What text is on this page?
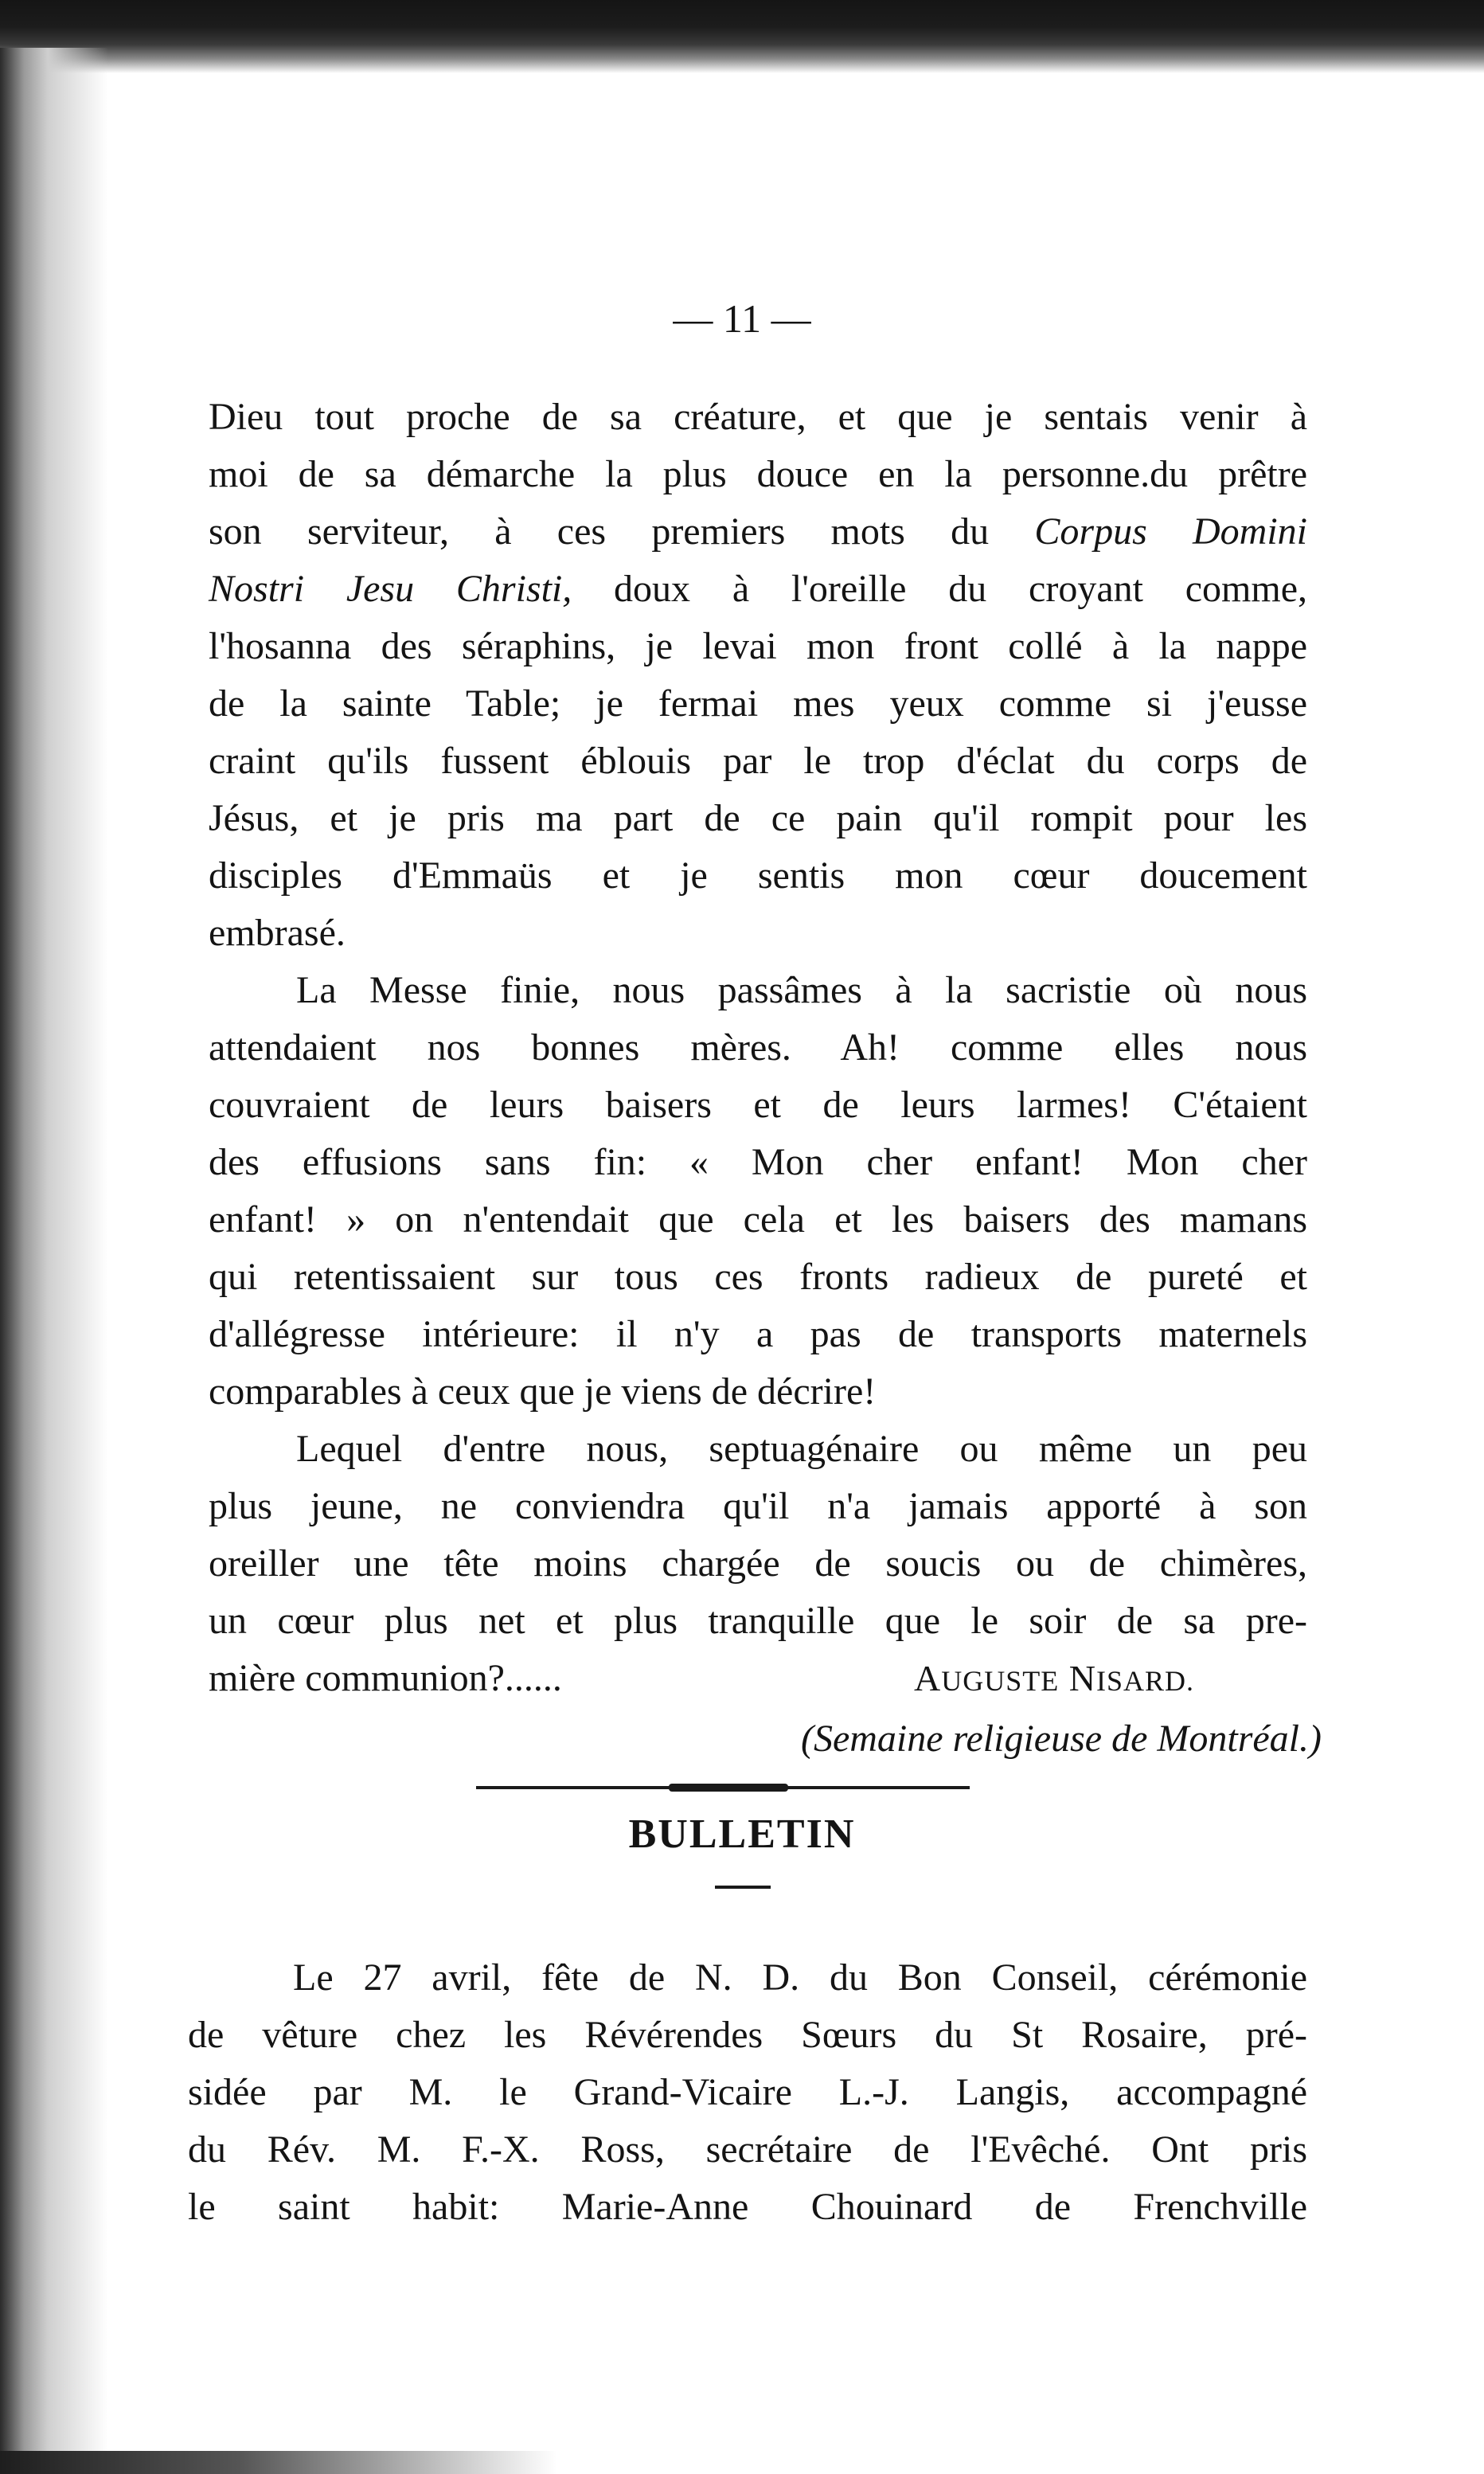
— 11 —
Dieu tout proche de sa créature, et que je sentais venir à
moi de sa démarche la plus douce en la personne.du prêtre
son serviteur, à ces premiers mots du Corpus Domini
Nostri Jesu Christi, doux à l'oreille du croyant comme,
l'hosanna des séraphins, je levai mon front collé à la nappe
de la sainte Table; je fermai mes yeux comme si j'eusse
craint qu'ils fussent éblouis par le trop d'éclat du corps de
Jésus, et je pris ma part de ce pain qu'il rompit pour les
disciples d'Emmaüs et je sentis mon cœur doucement
embrasé.
La Messe finie, nous passâmes à la sacristie où nous
attendaient nos bonnes mères. Ah! comme elles nous
couvraient de leurs baisers et de leurs larmes! C'étaient
des effusions sans fin: « Mon cher enfant! Mon cher
enfant! » on n'entendait que cela et les baisers des mamans
qui retentissaient sur tous ces fronts radieux de pureté et
d'allégresse intérieure: il n'y a pas de transports maternels
comparables à ceux que je viens de décrire!
Lequel d'entre nous, septuagénaire ou même un peu
plus jeune, ne conviendra qu'il n'a jamais apporté à son
oreiller une tête moins chargée de soucis ou de chimères,
un cœur plus net et plus tranquille que le soir de sa pre-
mière communion?......	AUGUSTE NISARD.
(Semaine religieuse de Montréal.)
BULLETIN
Le 27 avril, fête de N. D. du Bon Conseil, cérémonie
de vêture chez les Révérendes Sœurs du St Rosaire, pré-
sidée par M. le Grand-Vicaire L.-J. Langis, accompagné
du Rév. M. F.-X. Ross, secrétaire de l'Evêché. Ont pris
le saint habit: Marie-Anne Chouinard de Frenchville
